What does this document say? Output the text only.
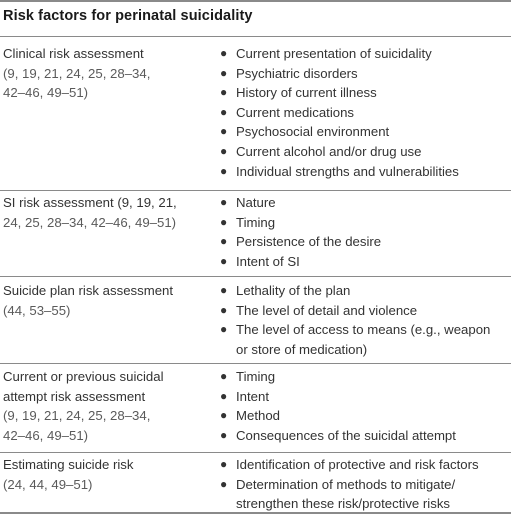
Risk factors for perinatal suicidality
Clinical risk assessment
(9, 19, 21, 24, 25, 28–34,
42–46, 49–51)
● Current presentation of suicidality
● Psychiatric disorders
● History of current illness
● Current medications
● Psychosocial environment
● Current alcohol and/or drug use
● Individual strengths and vulnerabilities
SI risk assessment (9, 19, 21,
24, 25, 28–34, 42–46, 49–51)
● Nature
● Timing
● Persistence of the desire
● Intent of SI
Suicide plan risk assessment
(44, 53–55)
● Lethality of the plan
● The level of detail and violence
● The level of access to means (e.g., weapon
or store of medication)
Current or previous suicidal
attempt risk assessment
(9, 19, 21, 24, 25, 28–34,
42–46, 49–51)
● Timing
● Intent
● Method
● Consequences of the suicidal attempt
Estimating suicide risk
(24, 44, 49–51)
● Identification of protective and risk factors
● Determination of methods to mitigate/
strengthen these risk/protective risks
